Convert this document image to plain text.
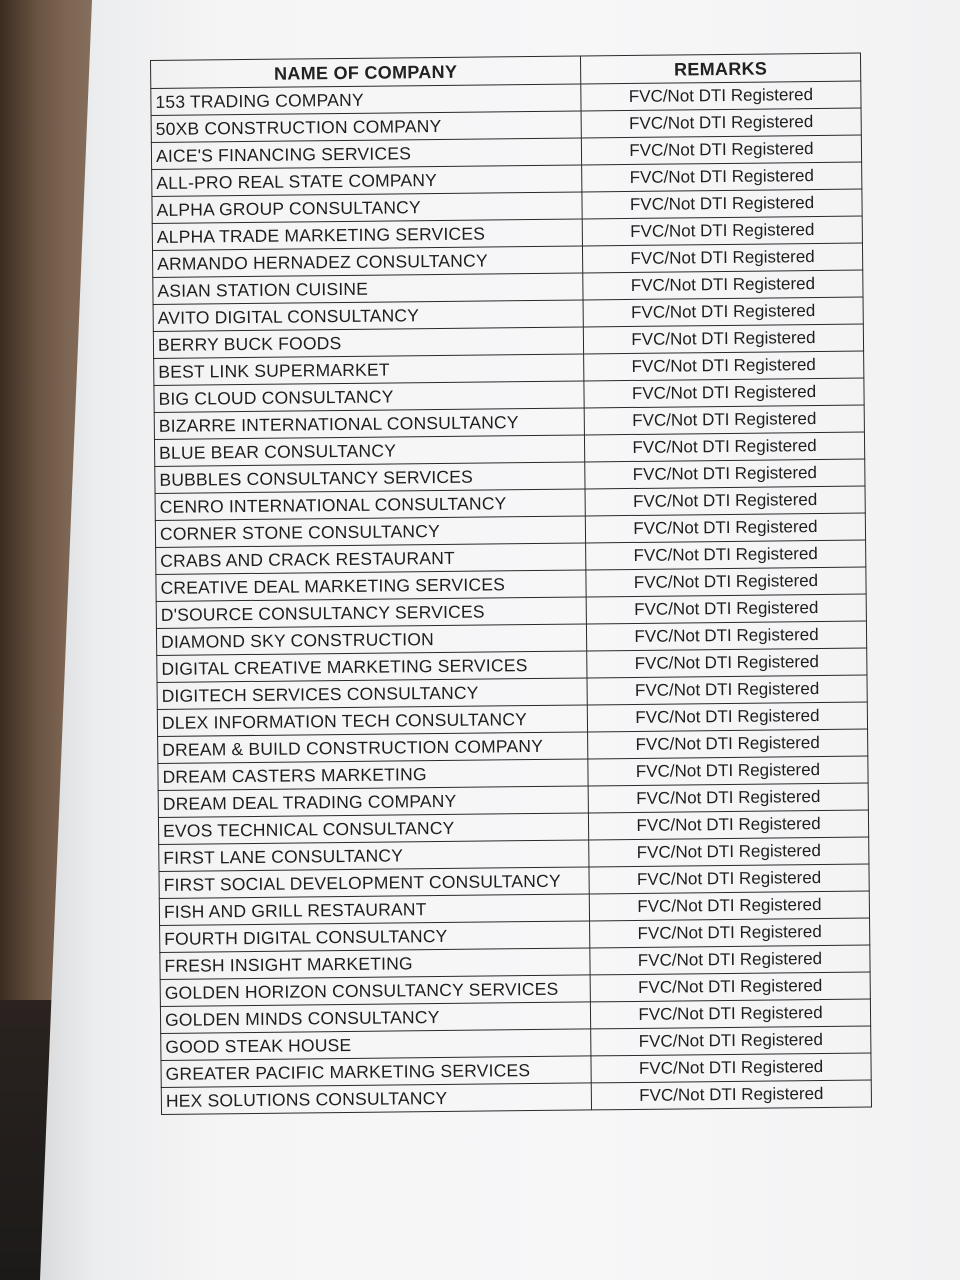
NAME OF COMPANY	REMARKS
153 TRADING COMPANY	FVC/Not DTI Registered
50XB CONSTRUCTION COMPANY	FVC/Not DTI Registered
AICE'S FINANCING SERVICES	FVC/Not DTI Registered
ALL-PRO REAL STATE COMPANY	FVC/Not DTI Registered
ALPHA GROUP CONSULTANCY	FVC/Not DTI Registered
ALPHA TRADE MARKETING SERVICES	FVC/Not DTI Registered
ARMANDO HERNADEZ CONSULTANCY	FVC/Not DTI Registered
ASIAN STATION CUISINE	FVC/Not DTI Registered
AVITO DIGITAL CONSULTANCY	FVC/Not DTI Registered
BERRY BUCK FOODS	FVC/Not DTI Registered
BEST LINK SUPERMARKET	FVC/Not DTI Registered
BIG CLOUD CONSULTANCY	FVC/Not DTI Registered
BIZARRE INTERNATIONAL CONSULTANCY	FVC/Not DTI Registered
BLUE BEAR CONSULTANCY	FVC/Not DTI Registered
BUBBLES CONSULTANCY SERVICES	FVC/Not DTI Registered
CENRO INTERNATIONAL CONSULTANCY	FVC/Not DTI Registered
CORNER STONE CONSULTANCY	FVC/Not DTI Registered
CRABS AND CRACK RESTAURANT	FVC/Not DTI Registered
CREATIVE DEAL MARKETING SERVICES	FVC/Not DTI Registered
D'SOURCE CONSULTANCY SERVICES	FVC/Not DTI Registered
DIAMOND SKY CONSTRUCTION	FVC/Not DTI Registered
DIGITAL CREATIVE MARKETING SERVICES	FVC/Not DTI Registered
DIGITECH SERVICES CONSULTANCY	FVC/Not DTI Registered
DLEX INFORMATION TECH CONSULTANCY	FVC/Not DTI Registered
DREAM & BUILD CONSTRUCTION COMPANY	FVC/Not DTI Registered
DREAM CASTERS MARKETING	FVC/Not DTI Registered
DREAM DEAL TRADING COMPANY	FVC/Not DTI Registered
EVOS TECHNICAL CONSULTANCY	FVC/Not DTI Registered
FIRST LANE CONSULTANCY	FVC/Not DTI Registered
FIRST SOCIAL DEVELOPMENT CONSULTANCY	FVC/Not DTI Registered
FISH AND GRILL RESTAURANT	FVC/Not DTI Registered
FOURTH DIGITAL CONSULTANCY	FVC/Not DTI Registered
FRESH INSIGHT MARKETING	FVC/Not DTI Registered
GOLDEN HORIZON CONSULTANCY SERVICES	FVC/Not DTI Registered
GOLDEN MINDS CONSULTANCY	FVC/Not DTI Registered
GOOD STEAK HOUSE	FVC/Not DTI Registered
GREATER PACIFIC MARKETING SERVICES	FVC/Not DTI Registered
HEX SOLUTIONS CONSULTANCY	FVC/Not DTI Registered
